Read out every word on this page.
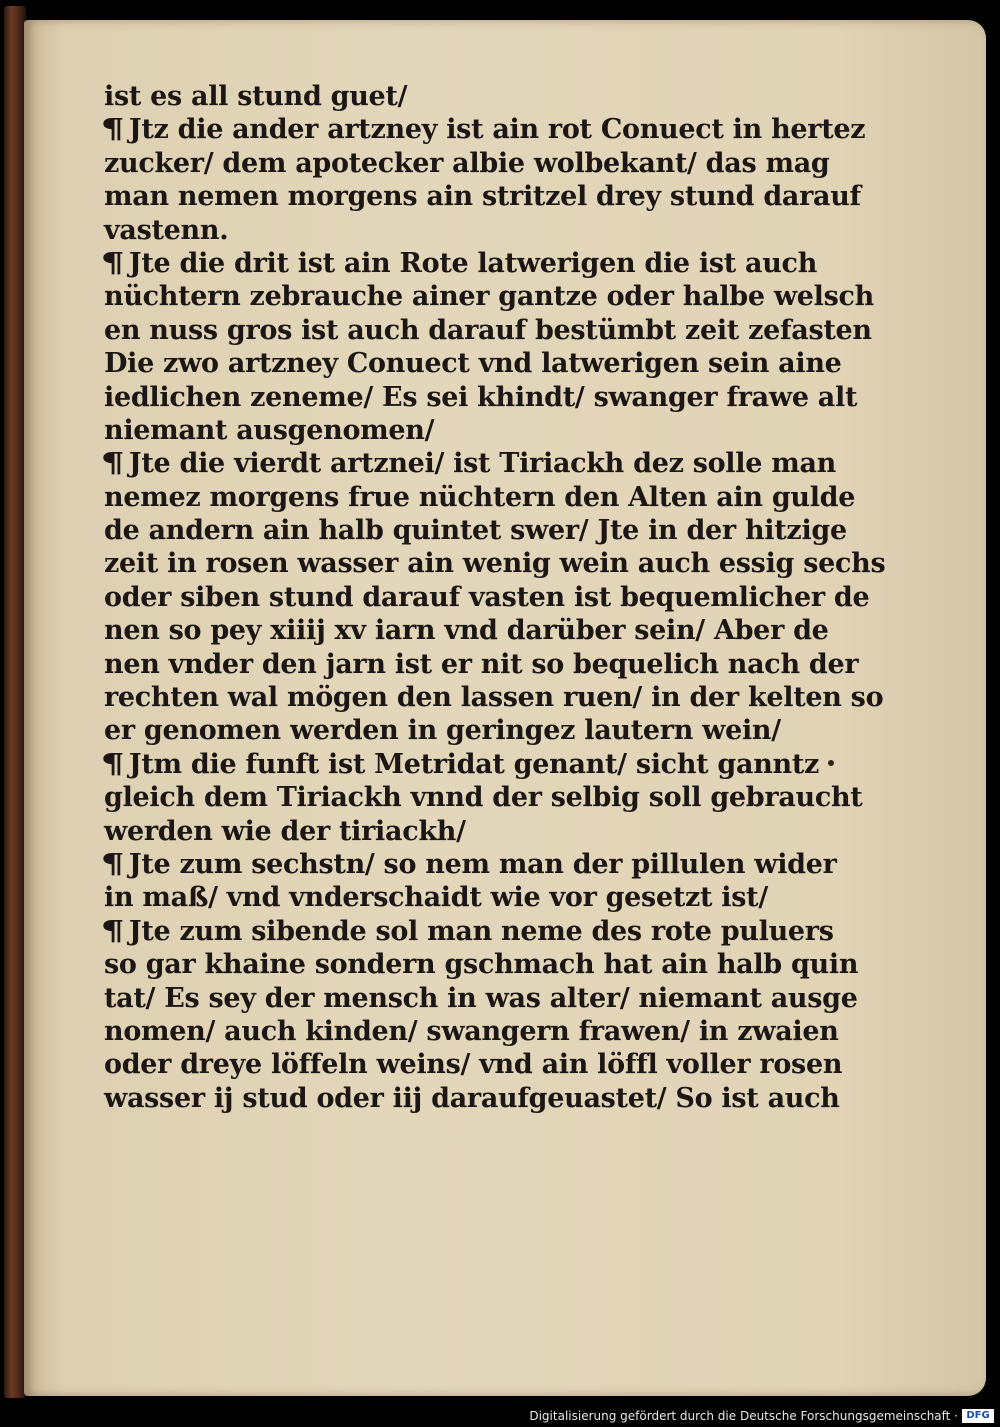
ist es all stund guet/
¶ Jtz die ander artzney ist ain rot Conuect in hertez
zucker/ dem apotecker albie wolbekant/ das mag
man nemen morgens ain stritzel drey stund darauf
vastenn.
¶ Jte die drit ist ain Rote latwerigen die ist auch
nüchtern zebrauche ainer gantze oder halbe welsch
en nuss gros ist auch darauf bestümbt zeit zefasten
Die zwo artzney Conuect vnd latwerigen sein aine
iedlichen zeneme/ Es sei khindt/ swanger frawe alt
niemant ausgenomen/
¶ Jte die vierdt artznei/ ist Tiriackh dez solle man
nemez morgens frue nüchtern den Alten ain gulde
de andern ain halb quintet swer/ Jte in der hitzige
zeit in rosen wasser ain wenig wein auch essig sechs
oder siben stund darauf vasten ist bequemlicher de
nen so pey xiiij xv iarn vnd darüber sein/ Aber de
nen vnder den jarn ist er nit so bequelich nach der
rechten wal mögen den lassen ruen/ in der kelten so
er genomen werden in geringez lautern wein/
¶ Jtm die funft ist Metridat genant/ sicht ganntz
gleich dem Tiriackh vnnd der selbig soll gebraucht
werden wie der tiriackh/
¶ Jte zum sechstn/ so nem man der pillulen wider
in maß/ vnd vnderschaidt wie vor gesetzt ist/
¶ Jte zum sibende sol man neme des rote puluers
so gar khaine sondern gschmach hat ain halb quin
tat/ Es sey der mensch in was alter/ niemant ausge
nomen/ auch kinden/ swangern frawen/ in zwaien
oder dreye löffeln weins/ vnd ain löffl voller rosen
wasser ij stud oder iij daraufgeuastet/ So ist auch
Digitalisierung gefördert durch die Deutsche Forschungsgemeinschaft · DFG
